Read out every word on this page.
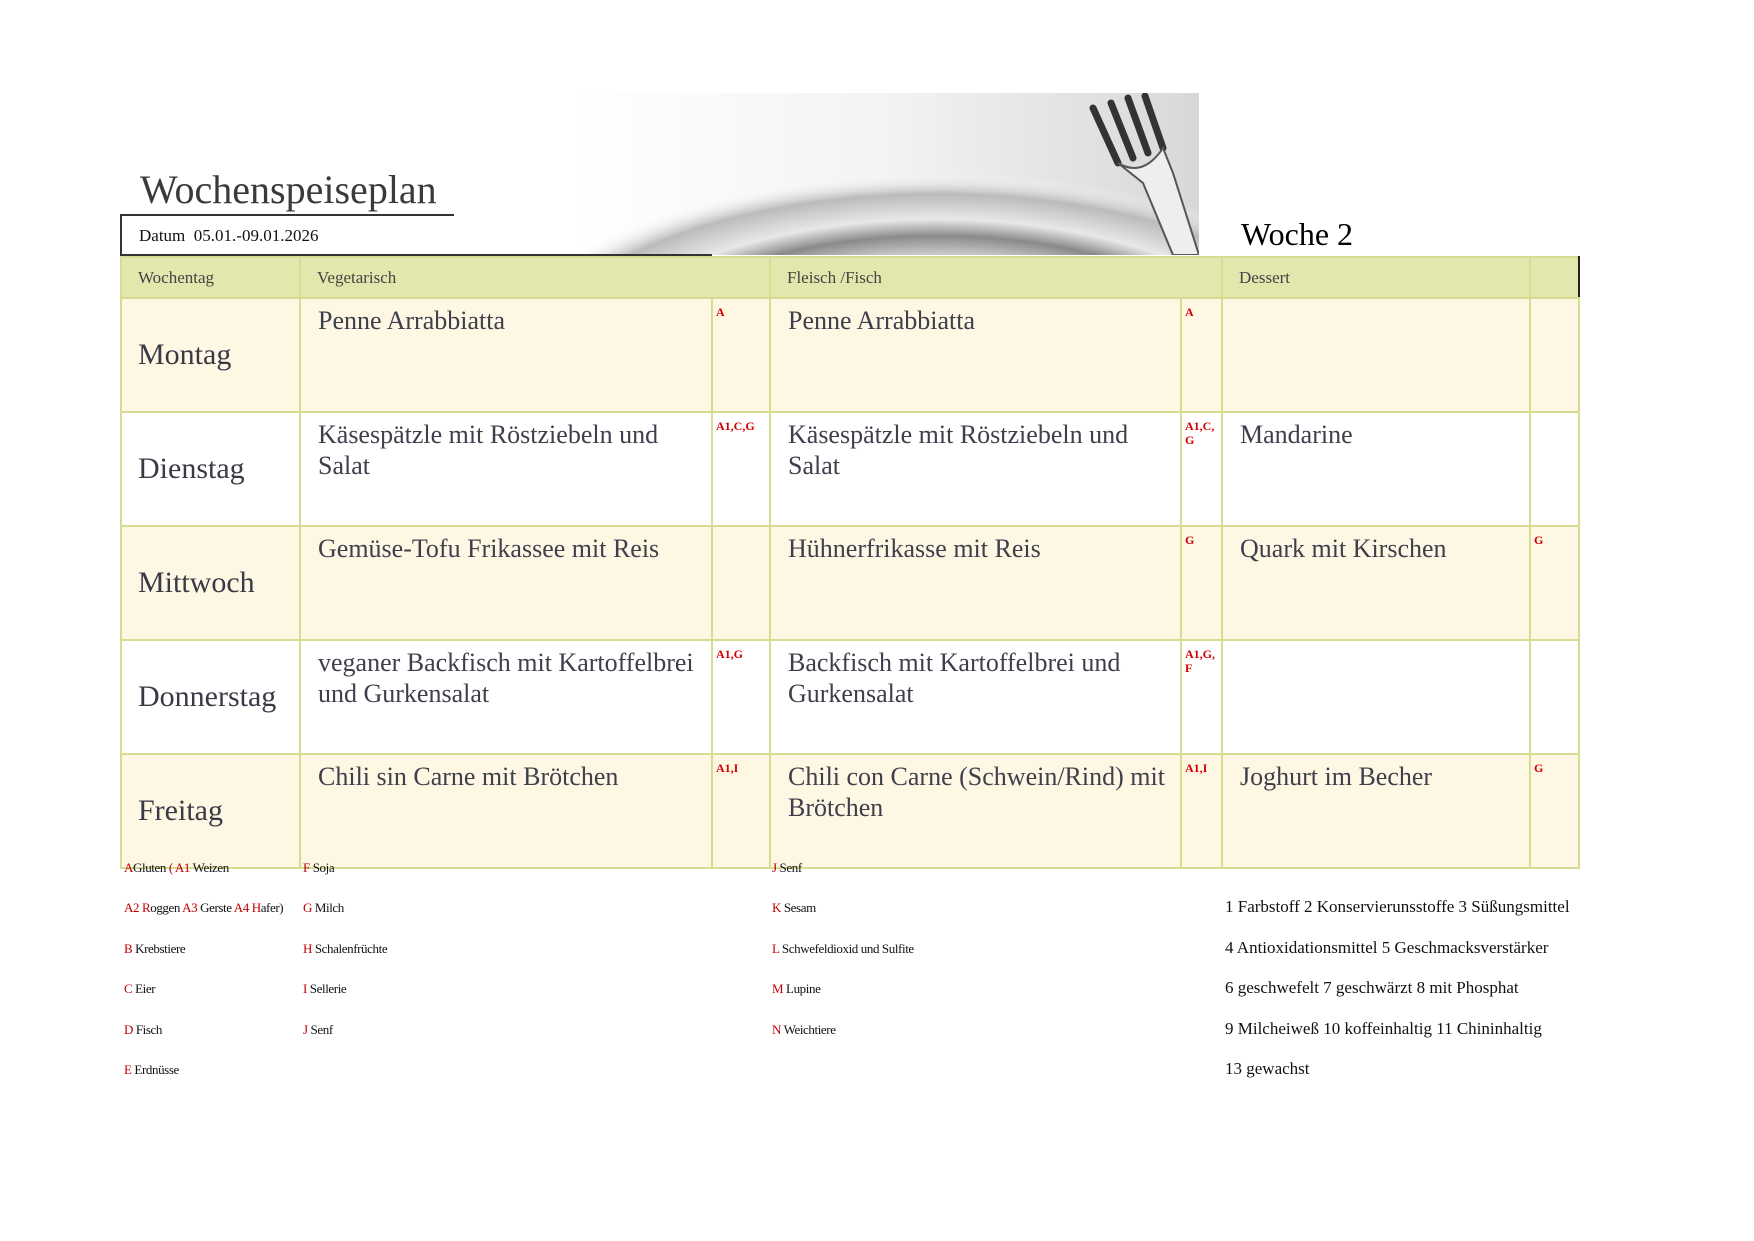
Wochenspeiseplan
Datum 05.01.-09.01.2026	Woche 2
Wochentag	Vegetarisch		Fleisch /Fisch		Dessert	
Montag	Penne Arrabbiatta	A	Penne Arrabbiatta	A		
Dienstag	Käsespätzle mit Röstziebeln und Salat	A1,C,G	Käsespätzle mit Röstziebeln und Salat	A1,C, G	Mandarine	
Mittwoch	Gemüse-Tofu Frikassee mit Reis		Hühnerfrikasse mit Reis	G	Quark mit Kirschen	G
Donnerstag	veganer Backfisch mit Kartoffelbrei und Gurkensalat	A1,G	Backfisch mit Kartoffelbrei und Gurkensalat	A1,G, F		
Freitag	Chili sin Carne mit Brötchen	A1,I	Chili con Carne (Schwein/Rind) mit Brötchen	A1,I	Joghurt im Becher	G
AGluten ( A1 Weizen
A2 Roggen A3 Gerste A4 Hafer)
B Krebstiere
C Eier
D Fisch
E Erdnüsse
F Soja
G Milch
H Schalenfrüchte
I Sellerie
J Senf
J Senf
K Sesam
L Schwefeldioxid und Sulfite
M Lupine
N Weichtiere
1 Farbstoff 2 Konservierunsstoffe 3 Süßungsmittel
4 Antioxidationsmittel 5 Geschmacksverstärker
6 geschwefelt 7 geschwärzt 8 mit Phosphat
9 Milcheiweß 10 koffeinhaltig 11 Chininhaltig
13 gewachst
